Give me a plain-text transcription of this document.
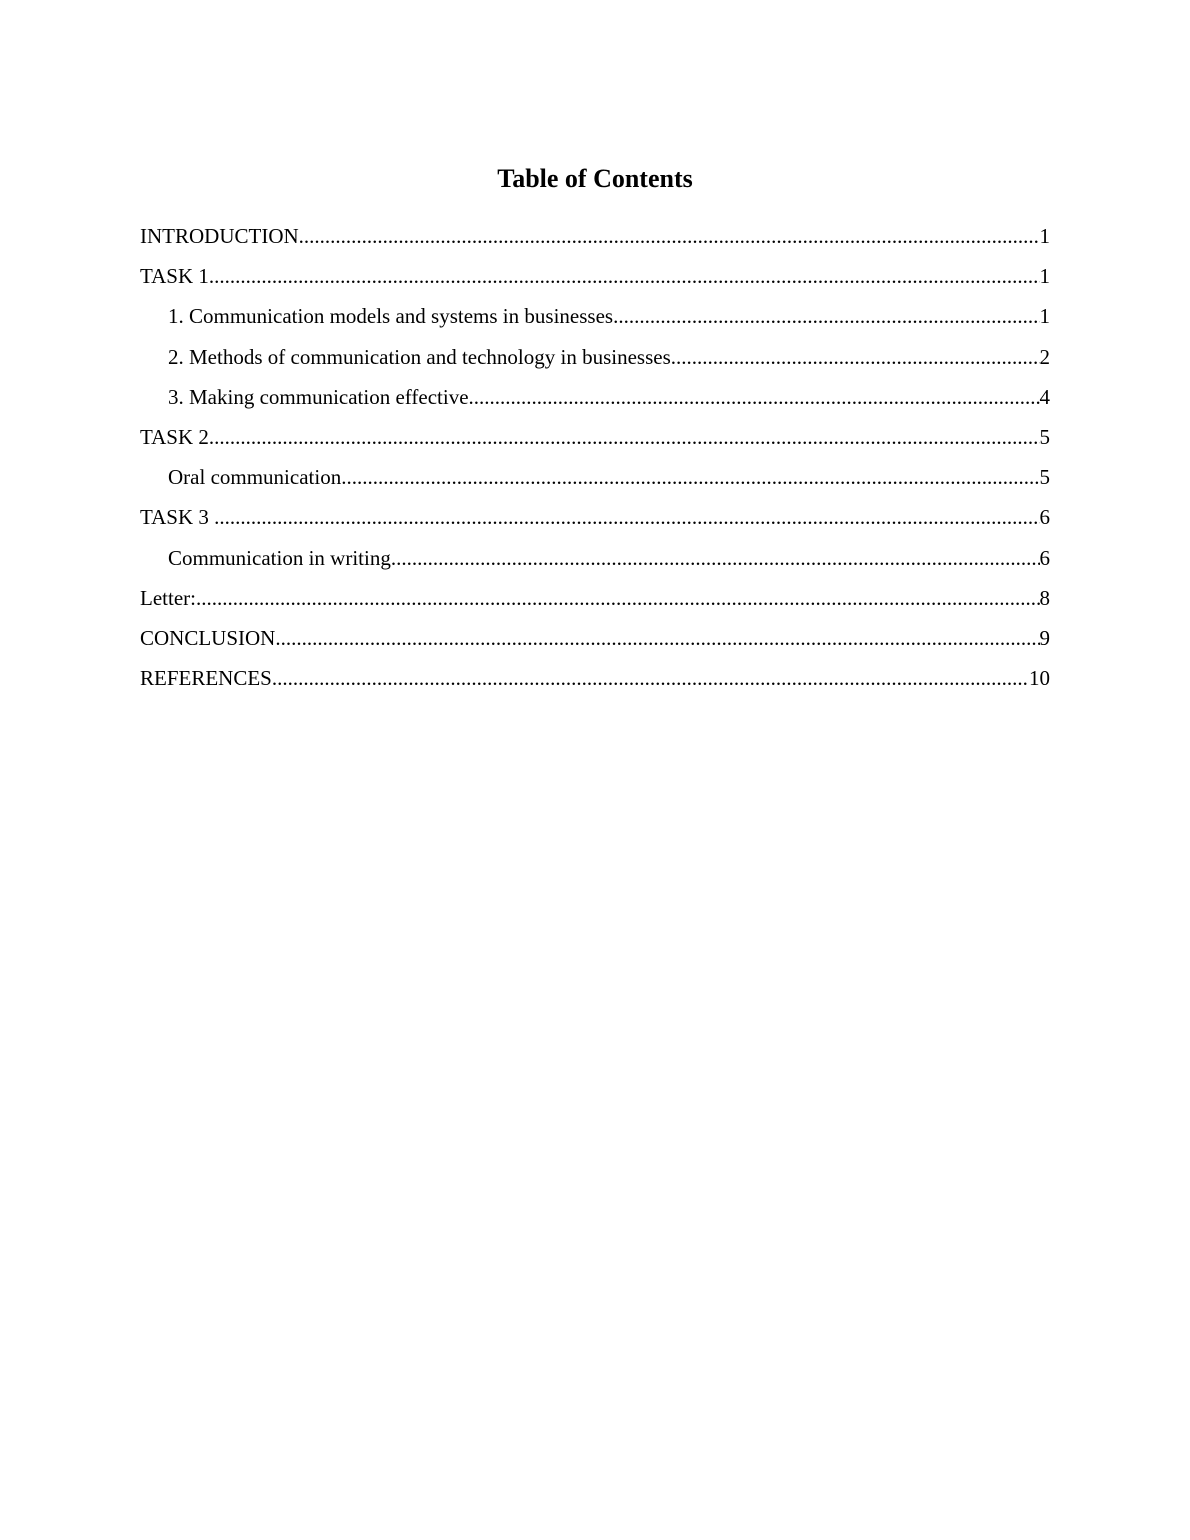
Table of Contents
INTRODUCTION .....	1
TASK 1 .....	1
1. Communication models and systems in businesses .....	1
2. Methods of communication and technology in businesses .....	2
3. Making communication effective .....	4
TASK 2 .....	5
Oral communication .....	5
TASK 3 .....	6
Communication in writing .....	6
Letter: .....	8
CONCLUSION .....	9
REFERENCES .....	10
